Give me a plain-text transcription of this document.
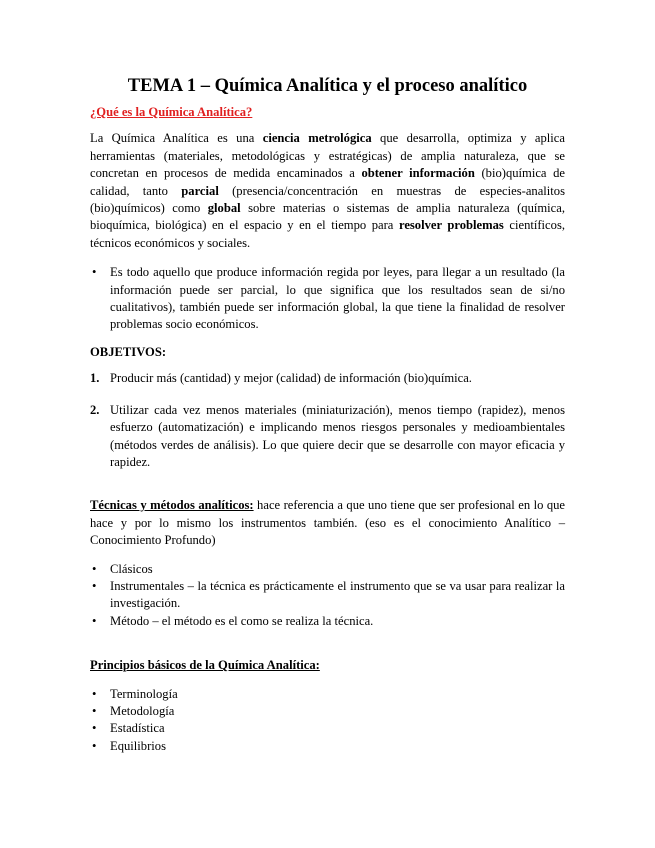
TEMA 1 – Química Analítica y el proceso analítico
¿Qué es la Química Analítica?

La Química Analítica es una ciencia metrológica que desarrolla, optimiza y aplica herramientas (materiales, metodológicas y estratégicas) de amplia naturaleza, que se concretan en procesos de medida encaminados a obtener información (bio)química de calidad, tanto parcial (presencia/concentración en muestras de especies-analitos (bio)químicos) como global sobre materias o sistemas de amplia naturaleza (química, bioquímica, biológica) en el espacio y en el tiempo para resolver problemas científicos, técnicos económicos y sociales.

• Es todo aquello que produce información regida por leyes, para llegar a un resultado (la información puede ser parcial, lo que significa que los resultados sean de si/no cualitativos), también puede ser información global, la que tiene la finalidad de resolver problemas socio económicos.
OBJETIVOS:
1. Producir más (cantidad) y mejor (calidad) de información (bio)química.
2. Utilizar cada vez menos materiales (miniaturización), menos tiempo (rapidez), menos esfuerzo (automatización) e implicando menos riesgos personales y medioambientales (métodos verdes de análisis). Lo que quiere decir que se desarrolle con mayor eficacia y rapidez.

Técnicas y métodos analíticos: hace referencia a que uno tiene que ser profesional en lo que hace y por lo mismo los instrumentos también. (eso es el conocimiento Analítico – Conocimiento Profundo)

• Clásicos
• Instrumentales – la técnica es prácticamente el instrumento que se va usar para realizar la investigación.
• Método – el método es el como se realiza la técnica.
Principios básicos de la Química Analítica:
• Terminología
• Metodología
• Estadística
• Equilibrios
